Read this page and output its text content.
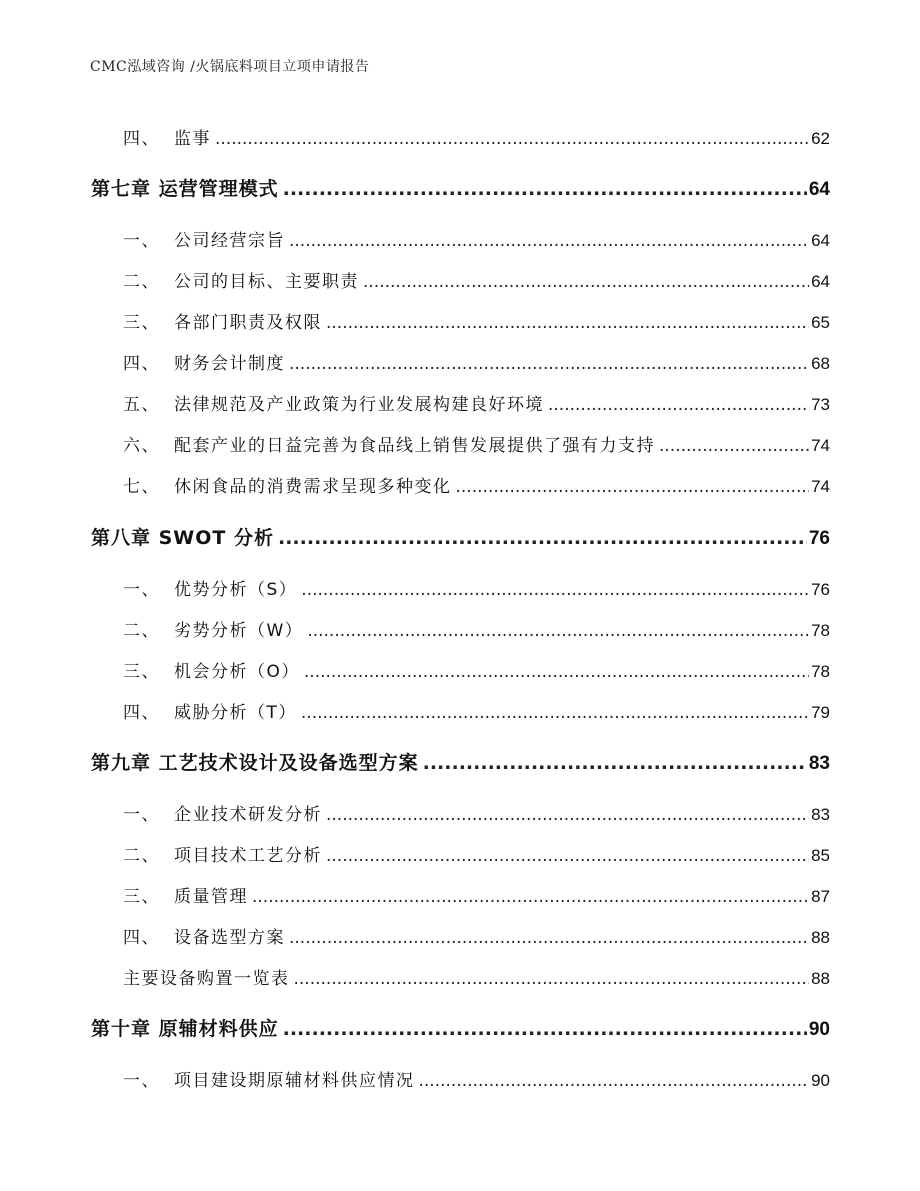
CMC泓域咨询 /火锅底料项目立项申请报告
四、 监事 .....	62
第七章 运营管理模式 .....	64
一、 公司经营宗旨 .....	64
二、 公司的目标、主要职责 .....	64
三、 各部门职责及权限 .....	65
四、 财务会计制度 .....	68
五、 法律规范及产业政策为行业发展构建良好环境 .....	73
六、 配套产业的日益完善为食品线上销售发展提供了强有力支持 .....	74
七、 休闲食品的消费需求呈现多种变化 .....	74
第八章 SWOT 分析 .....	76
一、 优势分析（S） .....	76
二、 劣势分析（W） .....	78
三、 机会分析（O） .....	78
四、 威胁分析（T） .....	79
第九章 工艺技术设计及设备选型方案 .....	83
一、 企业技术研发分析 .....	83
二、 项目技术工艺分析 .....	85
三、 质量管理 .....	87
四、 设备选型方案 .....	88
主要设备购置一览表 .....	88
第十章 原辅材料供应 .....	90
一、 项目建设期原辅材料供应情况 .....	90
